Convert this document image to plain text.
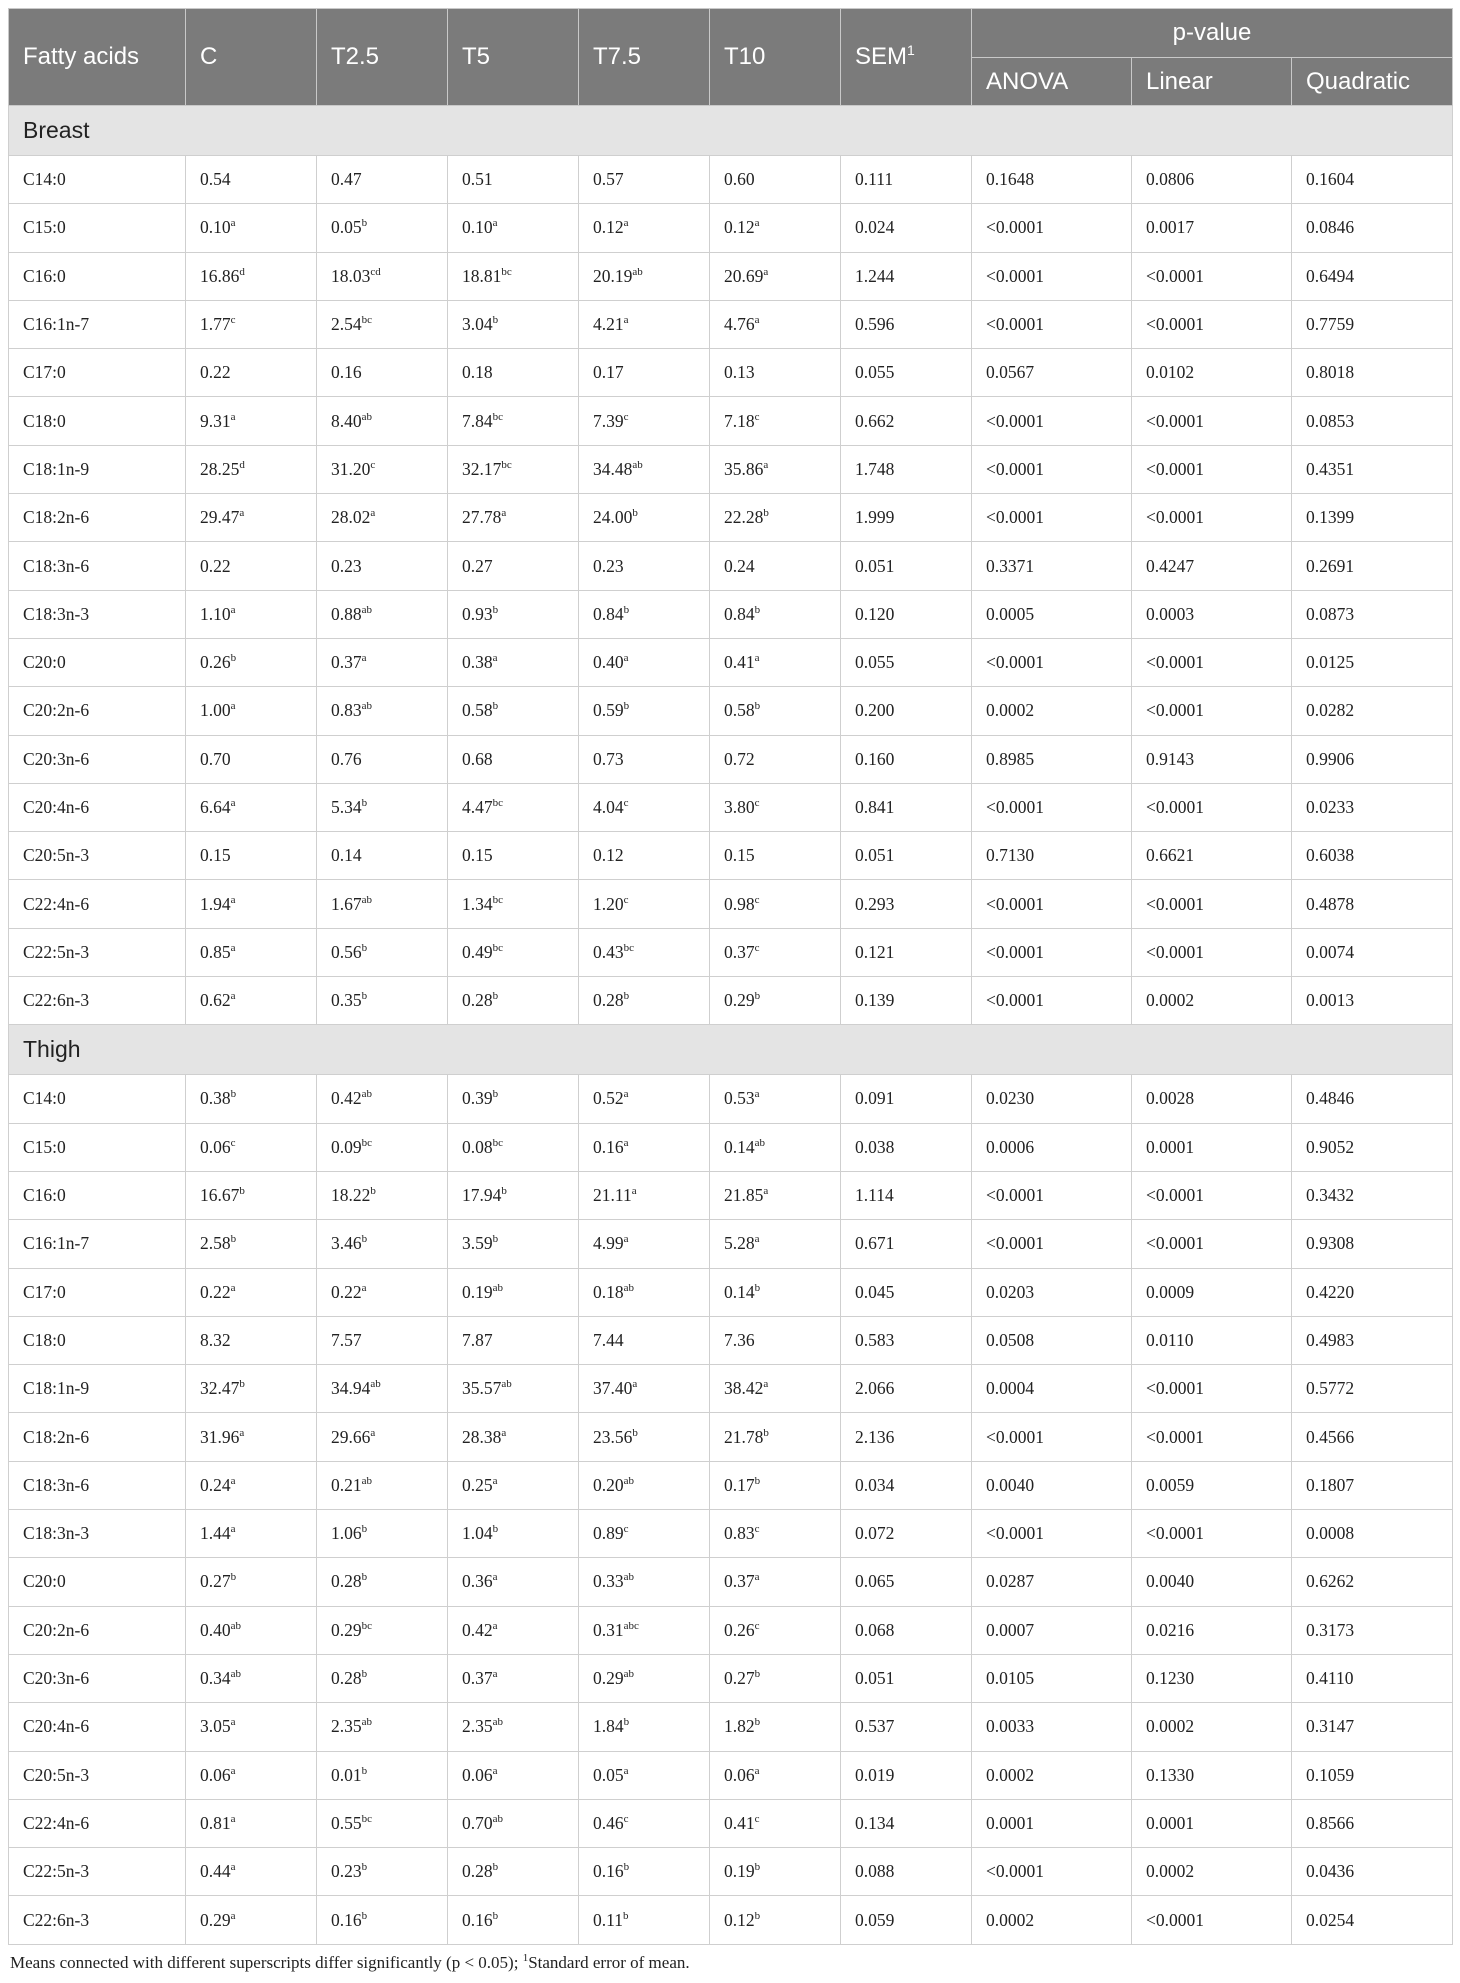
Fatty acids	C	T2.5	T5	T7.5	T10	SEM$^1$	p-value		
							ANOVA	Linear	Quadratic
Breast									
C14:0	0.54	0.47	0.51	0.57	0.60	0.111	0.1648	0.0806	0.1604
C15:0	0.10$^a$	0.05$^b$	0.10$^a$	0.12$^a$	0.12$^a$	0.024	<0.0001	0.0017	0.0846
C16:0	16.86$^d$	18.03$^{cd}$	18.81$^{bc}$	20.19$^{ab}$	20.69$^a$	1.244	<0.0001	<0.0001	0.6494
C16:1n-7	1.77$^c$	2.54$^{bc}$	3.04$^b$	4.21$^a$	4.76$^a$	0.596	<0.0001	<0.0001	0.7759
C17:0	0.22	0.16	0.18	0.17	0.13	0.055	0.0567	0.0102	0.8018
C18:0	9.31$^a$	8.40$^{ab}$	7.84$^{bc}$	7.39$^c$	7.18$^c$	0.662	<0.0001	<0.0001	0.0853
C18:1n-9	28.25$^d$	31.20$^c$	32.17$^{bc}$	34.48$^{ab}$	35.86$^a$	1.748	<0.0001	<0.0001	0.4351
C18:2n-6	29.47$^a$	28.02$^a$	27.78$^a$	24.00$^b$	22.28$^b$	1.999	<0.0001	<0.0001	0.1399
C18:3n-6	0.22	0.23	0.27	0.23	0.24	0.051	0.3371	0.4247	0.2691
C18:3n-3	1.10$^a$	0.88$^{ab}$	0.93$^b$	0.84$^b$	0.84$^b$	0.120	0.0005	0.0003	0.0873
C20:0	0.26$^b$	0.37$^a$	0.38$^a$	0.40$^a$	0.41$^a$	0.055	<0.0001	<0.0001	0.0125
C20:2n-6	1.00$^a$	0.83$^{ab}$	0.58$^b$	0.59$^b$	0.58$^b$	0.200	0.0002	<0.0001	0.0282
C20:3n-6	0.70	0.76	0.68	0.73	0.72	0.160	0.8985	0.9143	0.9906
C20:4n-6	6.64$^a$	5.34$^b$	4.47$^{bc}$	4.04$^c$	3.80$^c$	0.841	<0.0001	<0.0001	0.0233
C20:5n-3	0.15	0.14	0.15	0.12	0.15	0.051	0.7130	0.6621	0.6038
C22:4n-6	1.94$^a$	1.67$^{ab}$	1.34$^{bc}$	1.20$^c$	0.98$^c$	0.293	<0.0001	<0.0001	0.4878
C22:5n-3	0.85$^a$	0.56$^b$	0.49$^{bc}$	0.43$^{bc}$	0.37$^c$	0.121	<0.0001	<0.0001	0.0074
C22:6n-3	0.62$^a$	0.35$^b$	0.28$^b$	0.28$^b$	0.29$^b$	0.139	<0.0001	0.0002	0.0013
Thigh									
C14:0	0.38$^b$	0.42$^{ab}$	0.39$^b$	0.52$^a$	0.53$^a$	0.091	0.0230	0.0028	0.4846
C15:0	0.06$^c$	0.09$^{bc}$	0.08$^{bc}$	0.16$^a$	0.14$^{ab}$	0.038	0.0006	0.0001	0.9052
C16:0	16.67$^b$	18.22$^b$	17.94$^b$	21.11$^a$	21.85$^a$	1.114	<0.0001	<0.0001	0.3432
C16:1n-7	2.58$^b$	3.46$^b$	3.59$^b$	4.99$^a$	5.28$^a$	0.671	<0.0001	<0.0001	0.9308
C17:0	0.22$^a$	0.22$^a$	0.19$^{ab}$	0.18$^{ab}$	0.14$^b$	0.045	0.0203	0.0009	0.4220
C18:0	8.32	7.57	7.87	7.44	7.36	0.583	0.0508	0.0110	0.4983
C18:1n-9	32.47$^b$	34.94$^{ab}$	35.57$^{ab}$	37.40$^a$	38.42$^a$	2.066	0.0004	<0.0001	0.5772
C18:2n-6	31.96$^a$	29.66$^a$	28.38$^a$	23.56$^b$	21.78$^b$	2.136	<0.0001	<0.0001	0.4566
C18:3n-6	0.24$^a$	0.21$^{ab}$	0.25$^a$	0.20$^{ab}$	0.17$^b$	0.034	0.0040	0.0059	0.1807
C18:3n-3	1.44$^a$	1.06$^b$	1.04$^b$	0.89$^c$	0.83$^c$	0.072	<0.0001	<0.0001	0.0008
C20:0	0.27$^b$	0.28$^b$	0.36$^a$	0.33$^{ab}$	0.37$^a$	0.065	0.0287	0.0040	0.6262
C20:2n-6	0.40$^{ab}$	0.29$^{bc}$	0.42$^a$	0.31$^{abc}$	0.26$^c$	0.068	0.0007	0.0216	0.3173
C20:3n-6	0.34$^{ab}$	0.28$^b$	0.37$^a$	0.29$^{ab}$	0.27$^b$	0.051	0.0105	0.1230	0.4110
C20:4n-6	3.05$^a$	2.35$^{ab}$	2.35$^{ab}$	1.84$^b$	1.82$^b$	0.537	0.0033	0.0002	0.3147
C20:5n-3	0.06$^a$	0.01$^b$	0.06$^a$	0.05$^a$	0.06$^a$	0.019	0.0002	0.1330	0.1059
C22:4n-6	0.81$^a$	0.55$^{bc}$	0.70$^{ab}$	0.46$^c$	0.41$^c$	0.134	0.0001	0.0001	0.8566
C22:5n-3	0.44$^a$	0.23$^b$	0.28$^b$	0.16$^b$	0.19$^b$	0.088	<0.0001	0.0002	0.0436
C22:6n-3	0.29$^a$	0.16$^b$	0.16$^b$	0.11$^b$	0.12$^b$	0.059	0.0002	<0.0001	0.0254
Means connected with different superscripts differ significantly (p < 0.05); $^1$Standard error of mean.
